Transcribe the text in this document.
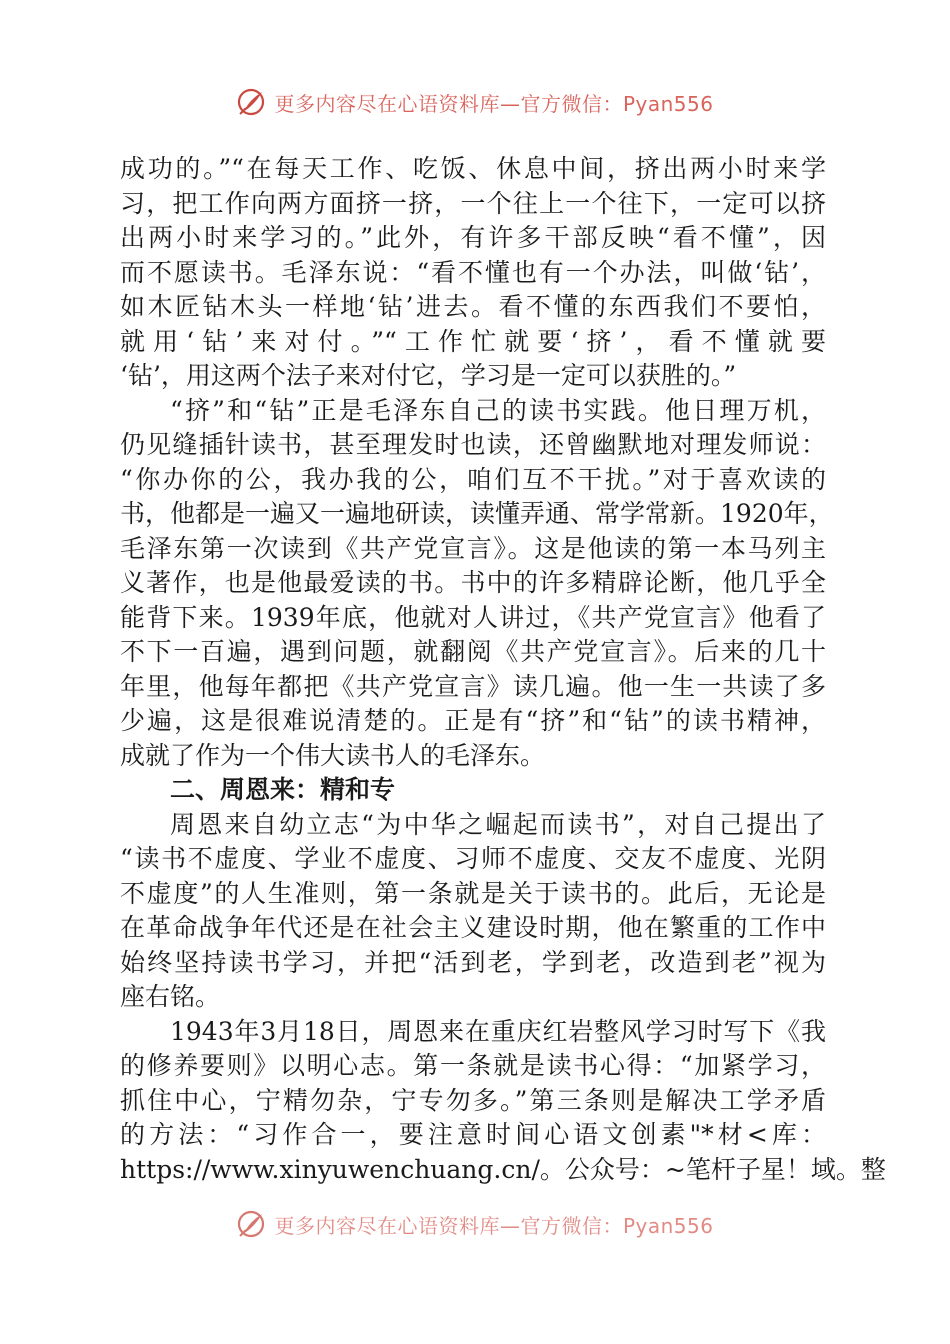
更多内容尽在心语资料库—官方微信：Pyan556
成功的。”“在每天工作、吃饭、休息中间，挤出两小时来学
习，把工作向两方面挤一挤，一个往上一个往下，一定可以挤
出两小时来学习的。”此外，有许多干部反映“看不懂”，因
而不愿读书。毛泽东说：“看不懂也有一个办法，叫做‘钻’，
如木匠钻木头一样地‘钻’进去。看不懂的东西我们不要怕，
就用‘钻’来对付。”“工作忙就要‘挤’，看不懂就要
‘钻’，用这两个法子来对付它，学习是一定可以获胜的。”
“挤”和“钻”正是毛泽东自己的读书实践。他日理万机，
仍见缝插针读书，甚至理发时也读，还曾幽默地对理发师说：
“你办你的公，我办我的公，咱们互不干扰。”对于喜欢读的
书，他都是一遍又一遍地研读，读懂弄通、常学常新。1920年，
毛泽东第一次读到《共产党宣言》。这是他读的第一本马列主
义著作，也是他最爱读的书。书中的许多精辟论断，他几乎全
能背下来。1939年底，他就对人讲过，《共产党宣言》他看了
不下一百遍，遇到问题，就翻阅《共产党宣言》。后来的几十
年里，他每年都把《共产党宣言》读几遍。他一生一共读了多
少遍，这是很难说清楚的。正是有“挤”和“钻”的读书精神，
成就了作为一个伟大读书人的毛泽东。
二、周恩来：精和专
周恩来自幼立志“为中华之崛起而读书”，对自己提出了
“读书不虚度、学业不虚度、习师不虚度、交友不虚度、光阴
不虚度”的人生准则，第一条就是关于读书的。此后，无论是
在革命战争年代还是在社会主义建设时期，他在繁重的工作中
始终坚持读书学习，并把“活到老，学到老，改造到老”视为
座右铭。
1943年3月18日，周恩来在重庆红岩整风学习时写下《我
的修养要则》以明心志。第一条就是读书心得：“加紧学习，
抓住中心，宁精勿杂，宁专勿多。”第三条则是解决工学矛盾
的方法：“习作合一，要注意时间心语文创素"*材<库：
https://www.xinyuwenchuang.cn/。公众号：~笔杆子星！域。整
更多内容尽在心语资料库—官方微信：Pyan556
